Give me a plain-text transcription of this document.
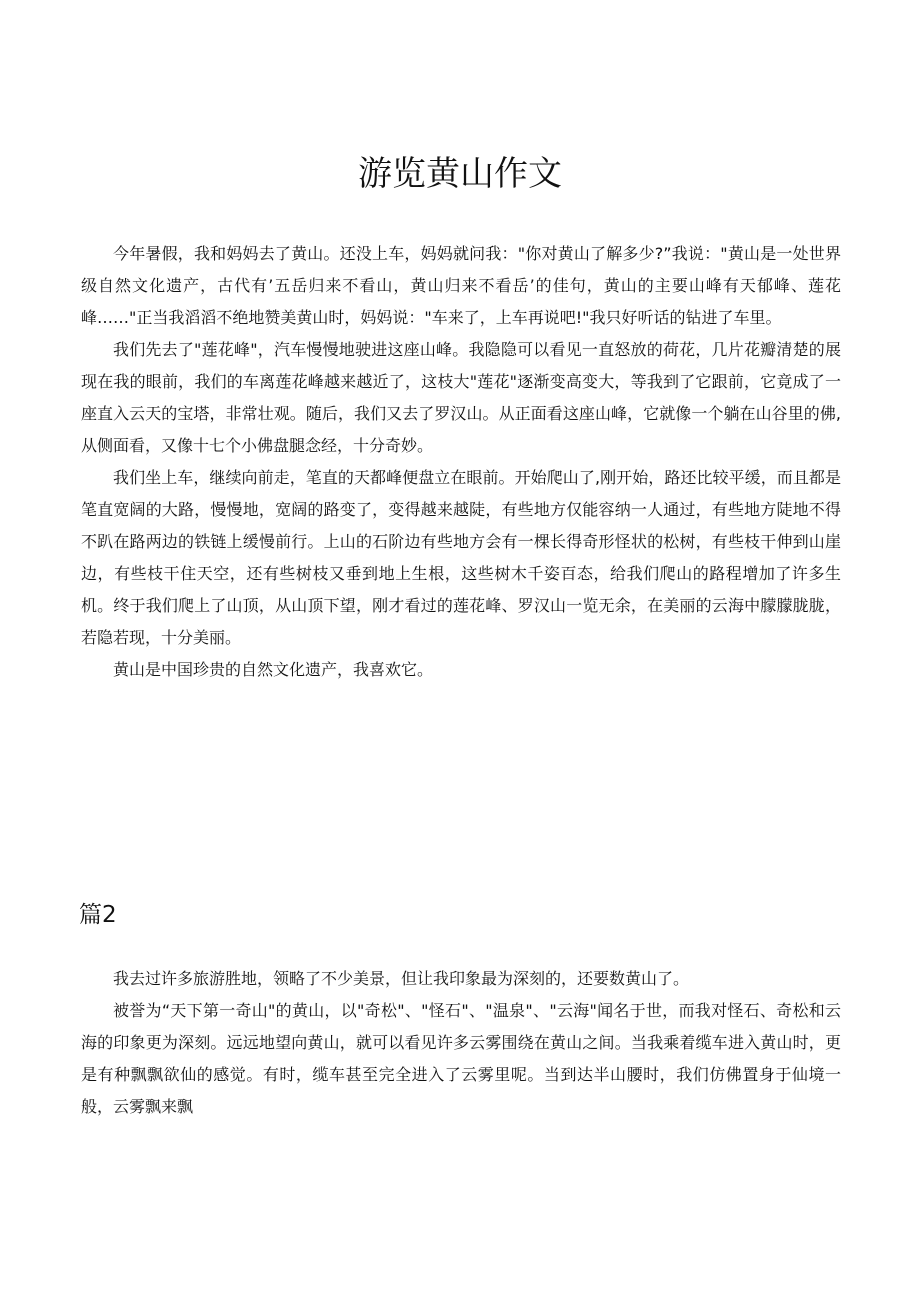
游览黄山作文

今年暑假，我和妈妈去了黄山。还没上车，妈妈就问我："你对黄山了解多少?”我说："黄山是一处世界级自然文化遗产，古代有’五岳归来不看山，黄山归来不看岳’的佳句，黄山的主要山峰有天郁峰、莲花峰……"正当我滔滔不绝地赞美黄山时，妈妈说："车来了，上车再说吧!"我只好听话的钻进了车里。

我们先去了"莲花峰"，汽车慢慢地驶进这座山峰。我隐隐可以看见一直怒放的荷花，几片花瓣清楚的展现在我的眼前，我们的车离莲花峰越来越近了，这枝大"莲花"逐渐变高变大，等我到了它跟前，它竟成了一座直入云天的宝塔，非常壮观。随后，我们又去了罗汉山。从正面看这座山峰，它就像一个躺在山谷里的佛,从侧面看，又像十七个小佛盘腿念经，十分奇妙。

我们坐上车，继续向前走，笔直的天都峰便盘立在眼前。开始爬山了,刚开始，路还比较平缓，而且都是笔直宽阔的大路，慢慢地，宽阔的路变了，变得越来越陡，有些地方仅能容纳一人通过，有些地方陡地不得不趴在路两边的铁链上缓慢前行。上山的石阶边有些地方会有一棵长得奇形怪状的松树，有些枝干伸到山崖边，有些枝干住天空，还有些树枝又垂到地上生根，这些树木千姿百态，给我们爬山的路程增加了许多生机。终于我们爬上了山顶，从山顶下望，刚才看过的莲花峰、罗汉山一览无余，在美丽的云海中朦朦胧胧，若隐若现，十分美丽。

黄山是中国珍贵的自然文化遗产，我喜欢它。

篇2

我去过许多旅游胜地，领略了不少美景，但让我印象最为深刻的，还要数黄山了。

被誉为“天下第一奇山"的黄山，以"奇松"、"怪石"、"温泉"、"云海"闻名于世，而我对怪石、奇松和云海的印象更为深刻。远远地望向黄山，就可以看见许多云雾围绕在黄山之间。当我乘着缆车进入黄山时，更是有种飘飘欲仙的感觉。有时，缆车甚至完全进入了云雾里呢。当到达半山腰时，我们仿佛置身于仙境一般，云雾飘来飘
